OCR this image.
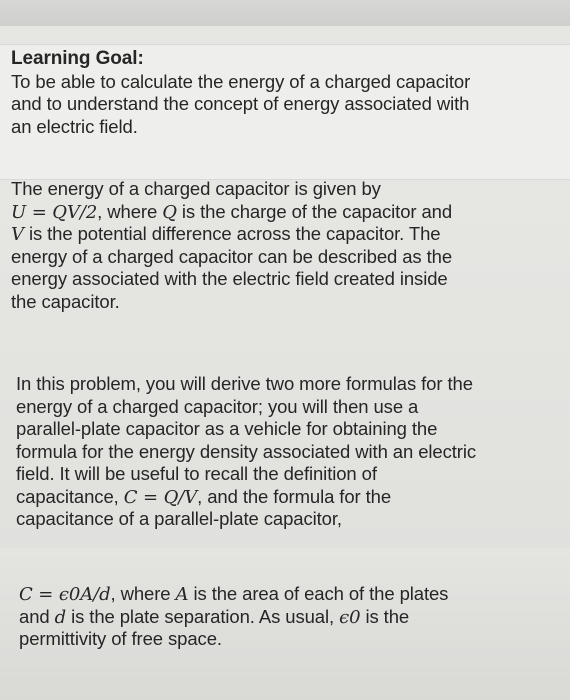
Learning Goal:
To be able to calculate the energy of a charged capacitor
and to understand the concept of energy associated with
an electric field.
The energy of a charged capacitor is given by
U = QV/2, where Q is the charge of the capacitor and
V is the potential difference across the capacitor. The
energy of a charged capacitor can be described as the
energy associated with the electric field created inside
the capacitor.
In this problem, you will derive two more formulas for the
energy of a charged capacitor; you will then use a
parallel-plate capacitor as a vehicle for obtaining the
formula for the energy density associated with an electric
field. It will be useful to recall the definition of
capacitance, C = Q/V, and the formula for the
capacitance of a parallel-plate capacitor,
C = ϵ0A/d, where A is the area of each of the plates
and d is the plate separation. As usual, ϵ0 is the
permittivity of free space.
